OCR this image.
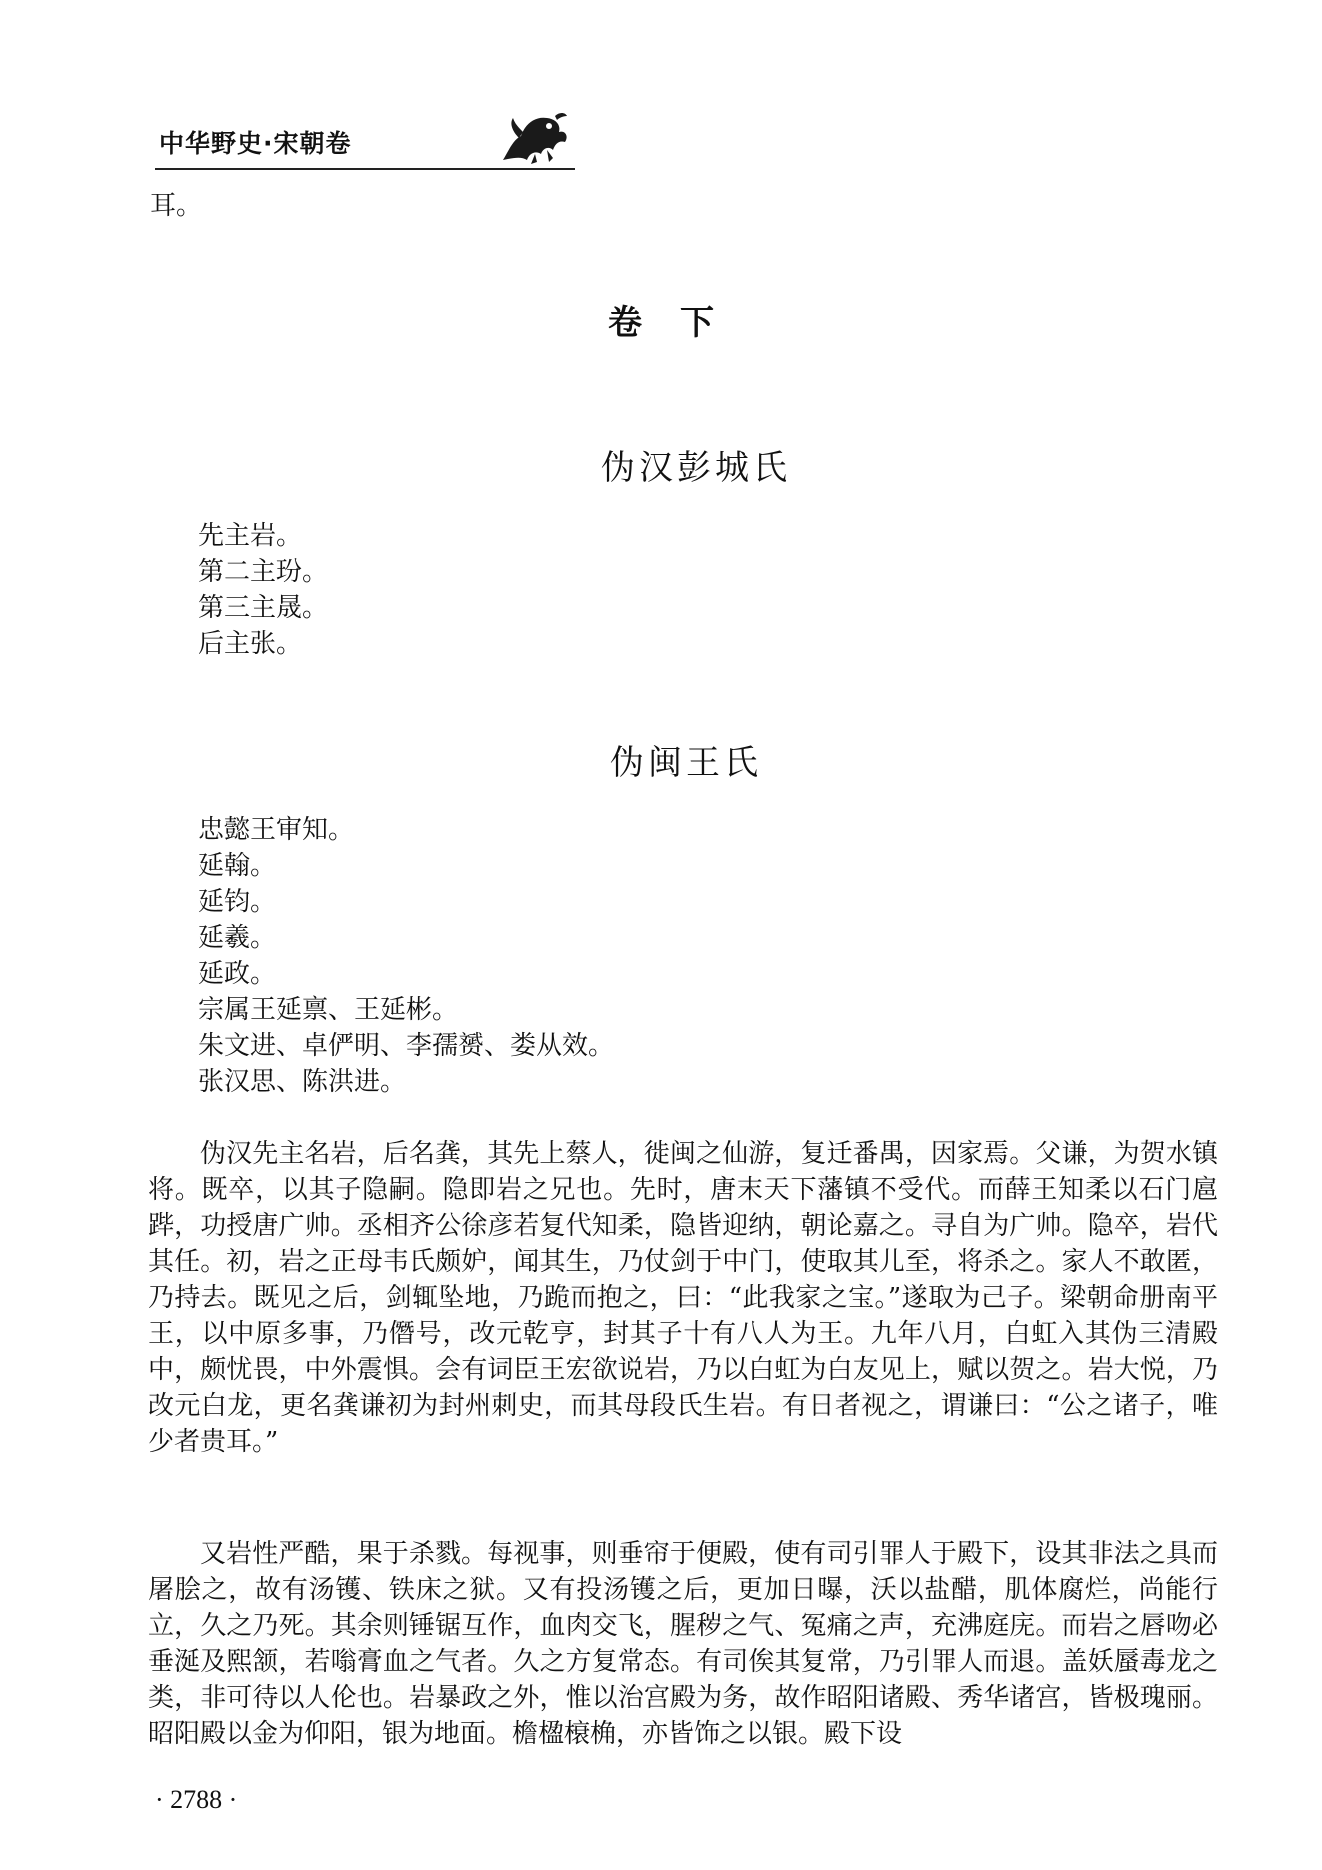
中华野史·宋朝卷
耳。
卷下
伪汉彭城氏
先主岩。
第二主玢。
第三主晟。
后主张。
伪闽王氏
忠懿王审知。
延翰。
延钧。
延羲。
延政。
宗属王延禀、王延彬。
朱文进、卓俨明、李孺赟、娄从效。
张汉思、陈洪进。

伪汉先主名岩，后名龚，其先上蔡人，徙闽之仙游，复迁番禺，因家焉。父谦，为贺水镇将。既卒，以其子隐嗣。隐即岩之兄也。先时，唐末天下藩镇不受代。而薛王知柔以石门扈跸，功授唐广帅。丞相齐公徐彦若复代知柔，隐皆迎纳，朝论嘉之。寻自为广帅。隐卒，岩代其任。初，岩之正母韦氏颇妒，闻其生，乃仗剑于中门，使取其儿至，将杀之。家人不敢匿，乃持去。既见之后，剑辄坠地，乃跪而抱之，曰：“此我家之宝。”遂取为己子。梁朝命册南平王，以中原多事，乃僭号，改元乾亨，封其子十有八人为王。九年八月，白虹入其伪三清殿中，颇忧畏，中外震惧。会有词臣王宏欲说岩，乃以白虹为白友见上，赋以贺之。岩大悦，乃改元白龙，更名龚谦初为封州刺史，而其母段氏生岩。有日者视之，谓谦曰：“公之诸子，唯少者贵耳。”

又岩性严酷，果于杀戮。每视事，则垂帘于便殿，使有司引罪人于殿下，设其非法之具而屠脍之，故有汤镬、铁床之狱。又有投汤镬之后，更加日曝，沃以盐醋，肌体腐烂，尚能行立，久之乃死。其余则锤锯互作，血肉交飞，腥秽之气、冤痛之声，充沸庭庑。而岩之唇吻必垂涎及熙颔，若嗡膏血之气者。久之方复常态。有司俟其复常，乃引罪人而退。盖妖蜃毒龙之类，非可待以人伦也。岩暴政之外，惟以治宫殿为务，故作昭阳诸殿、秀华诸宫，皆极瑰丽。昭阳殿以金为仰阳，银为地面。檐楹榱桷，亦皆饰之以银。殿下设

· 2788 ·
